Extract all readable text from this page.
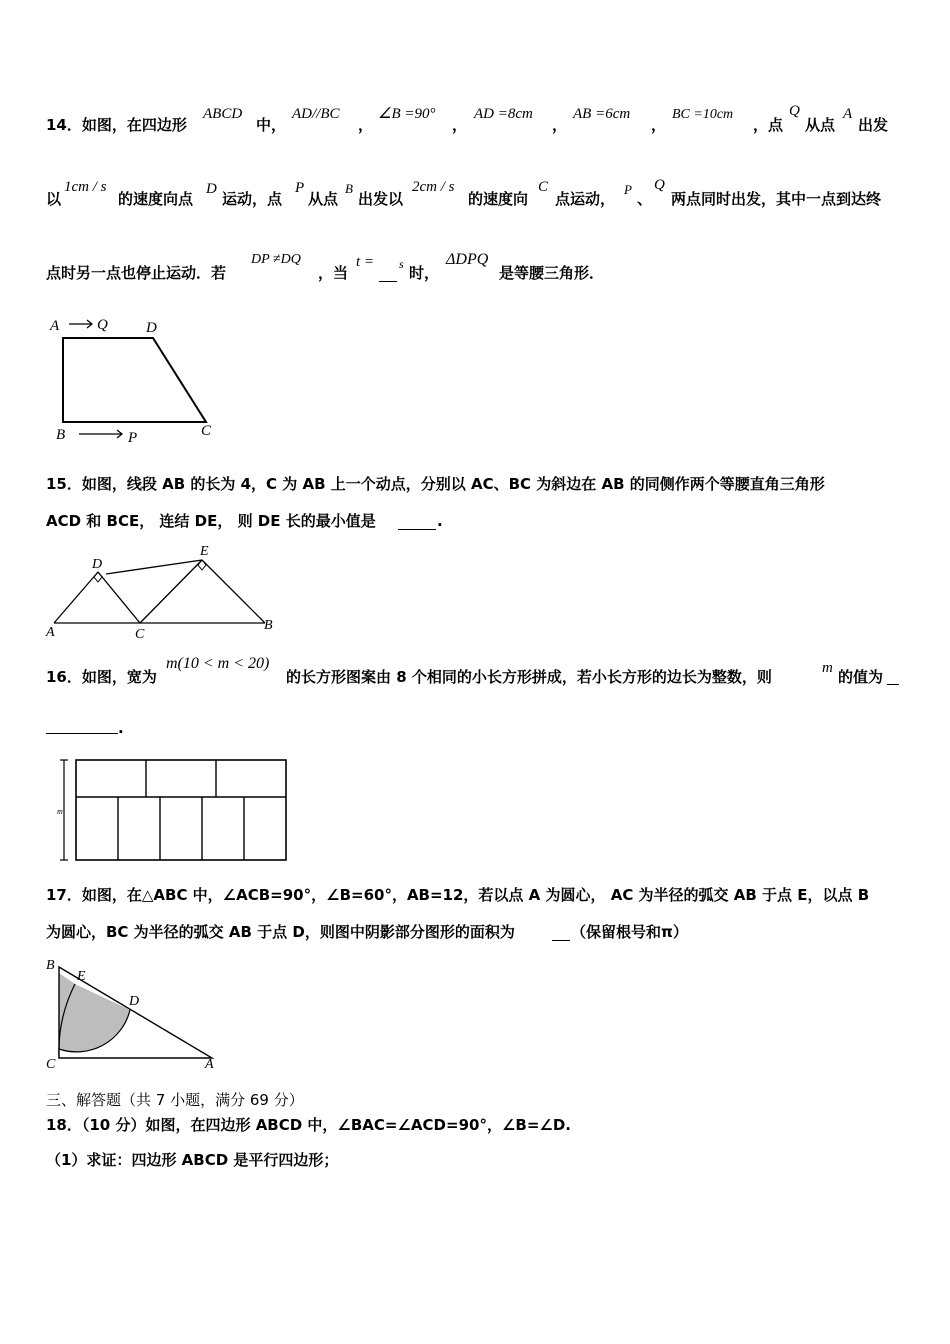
14．如图，在四边形
ABCD
中，
AD//BC
，
∠B =90°
，
AD =8cm
，
AB =6cm
，
BC =10cm
，点
Q
从点
A
出发
以
1cm / s
的速度向点
D
运动，点
P
从点
B
出发以
2cm / s
的速度向
C
点运动，
P
、
Q
两点同时出发，其中一点到达终
点时另一点也停止运动．若
DP ≠DQ
，当
t = s 时，
ΔDPQ
是等腰三角形．
A	Q	D
B	P	C
15．如图，线段 AB 的长为 4，C 为 AB 上一个动点，分别以 AC、BC 为斜边在 AB 的同侧作两个等腰直角三角形
ACD 和 BCE， 连结 DE， 则 DE 长的最小值是	.
D
E
A	C
B
16．如图，宽为
m(10 < m < 20)
的长方形图案由 8 个相同的小长方形拼成，若小长方形的边长为整数，则	m 的值为
.
m
17．如图，在△ABC 中，∠ACB=90°，∠B=60°，AB=12，若以点 A 为圆心， AC 为半径的弧交 AB 于点 E，以点 B
为圆心，BC 为半径的弧交 AB 于点 D，则图中阴影部分图形的面积为	（保留根号和π）
B
E
D
C	A
三、解答题（共 7 小题，满分 69 分）
18．（10 分）如图，在四边形 ABCD 中，∠BAC=∠ACD=90°，∠B=∠D.
（1）求证：四边形 ABCD 是平行四边形；
